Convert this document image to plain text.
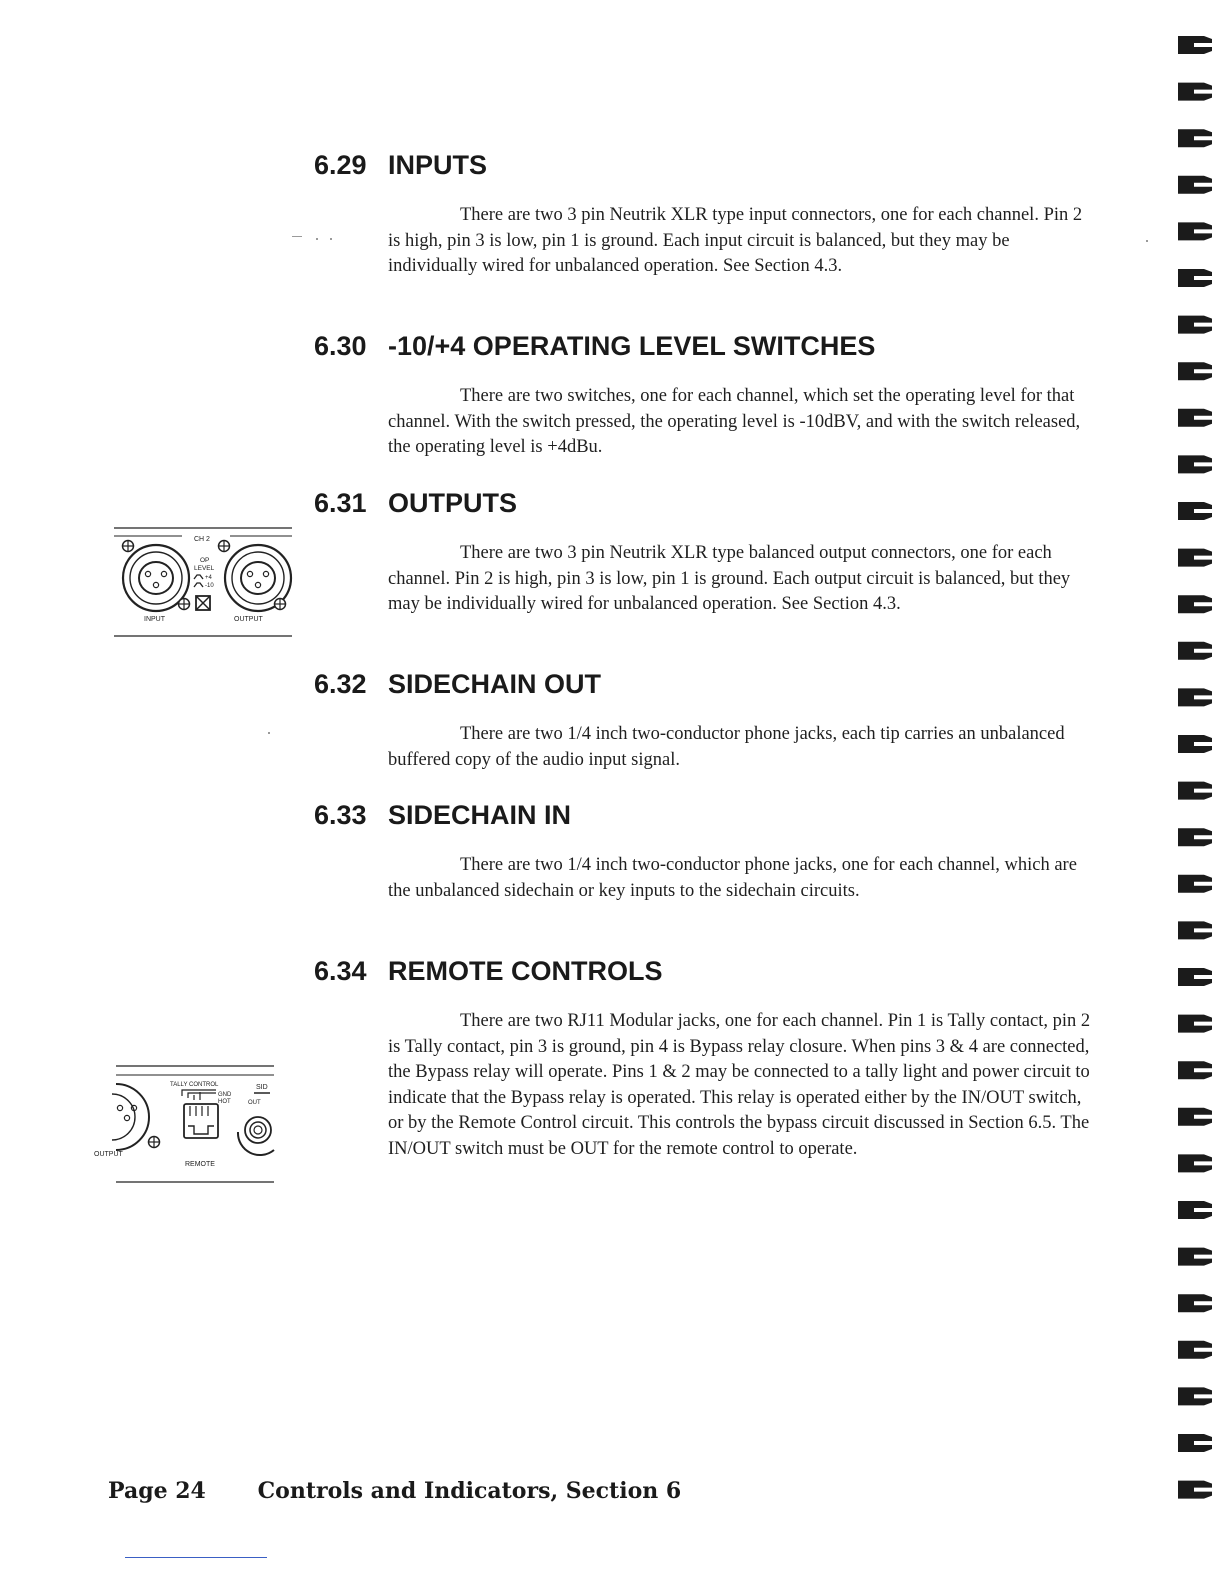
6.29 INPUTS

There are two 3 pin Neutrik XLR type input connectors, one for each channel. Pin 2 is high, pin 3 is low, pin 1 is ground. Each input circuit is balanced, but they may be individually wired for unbalanced operation. See Section 4.3.

6.30 -10/+4 OPERATING LEVEL SWITCHES

There are two switches, one for each channel, which set the operating level for that channel. With the switch pressed, the operating level is -10dBV, and with the switch released, the operating level is +4dBu.

6.31 OUTPUTS

There are two 3 pin Neutrik XLR type balanced output connectors, one for each channel. Pin 2 is high, pin 3 is low, pin 1 is ground. Each output circuit is balanced, but they may be individually wired for unbalanced operation. See Section 4.3.

6.32 SIDECHAIN OUT

There are two 1/4 inch two-conductor phone jacks, each tip carries an unbalanced buffered copy of the audio input signal.

6.33 SIDECHAIN IN

There are two 1/4 inch two-conductor phone jacks, one for each channel, which are the unbalanced sidechain or key inputs to the sidechain circuits.

6.34 REMOTE CONTROLS

There are two RJ11 Modular jacks, one for each channel. Pin 1 is Tally contact, pin 2 is Tally contact, pin 3 is ground, pin 4 is Bypass relay closure. When pins 3 & 4 are connected, the Bypass relay will operate. Pins 1 & 2 may be connected to a tally light and power circuit to indicate that the Bypass relay is operated. This relay is operated either by the IN/OUT switch, or by the Remote Control circuit. This controls the bypass circuit discussed in Section 6.5. The IN/OUT switch must be OUT for the remote control to operate.

CH 2
OP
LEVEL
+4
-10
INPUT	OUTPUT
OUTPUT
TALLY CONTROL
GND
HOT
REMOTE
SID
OUT
Page 24 Controls and Indicators, Section 6
